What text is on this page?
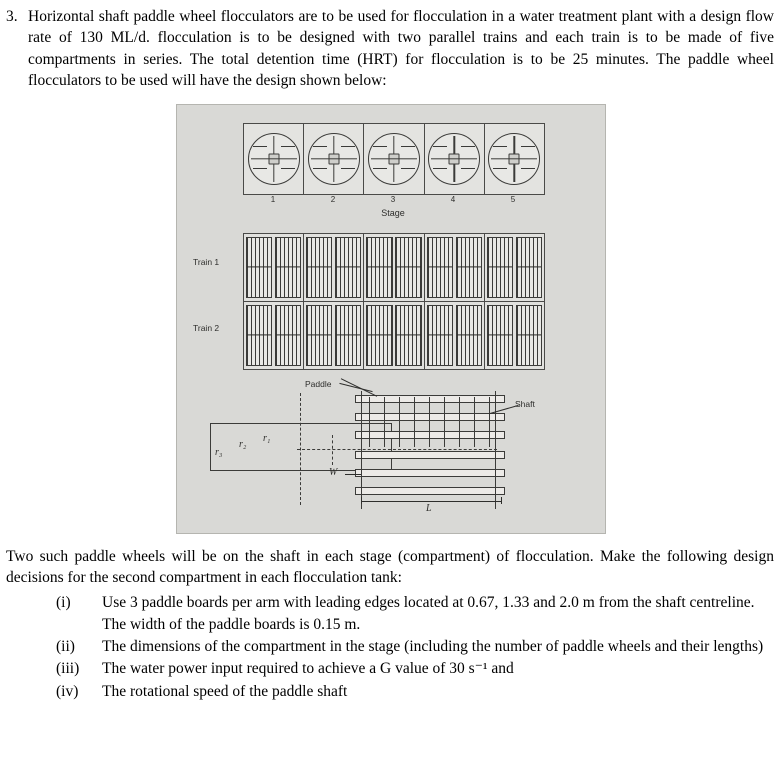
3. Horizontal shaft paddle wheel flocculators are to be used for flocculation in a water treatment plant with a design flow rate of 130 ML/d. flocculation is to be designed with two parallel trains and each train is to be made of five compartments in series. The total detention time (HRT) for flocculation is to be 25 minutes. The paddle wheel flocculators to be used will have the design shown below:
1	2	3	4	5
Stage
Train 1
Train 2
r₃
r₂
r₁
Paddle
Shaft
W
L
Two such paddle wheels will be on the shaft in each stage (compartment) of flocculation. Make the following design decisions for the second compartment in each flocculation tank:
(i)	Use 3 paddle boards per arm with leading edges located at 0.67, 1.33 and 2.0 m from the shaft centreline. The width of the paddle boards is 0.15 m.
(ii)	The dimensions of the compartment in the stage (including the number of paddle wheels and their lengths)
(iii)	The water power input required to achieve a G value of 30 s⁻¹ and
(iv)	The rotational speed of the paddle shaft
